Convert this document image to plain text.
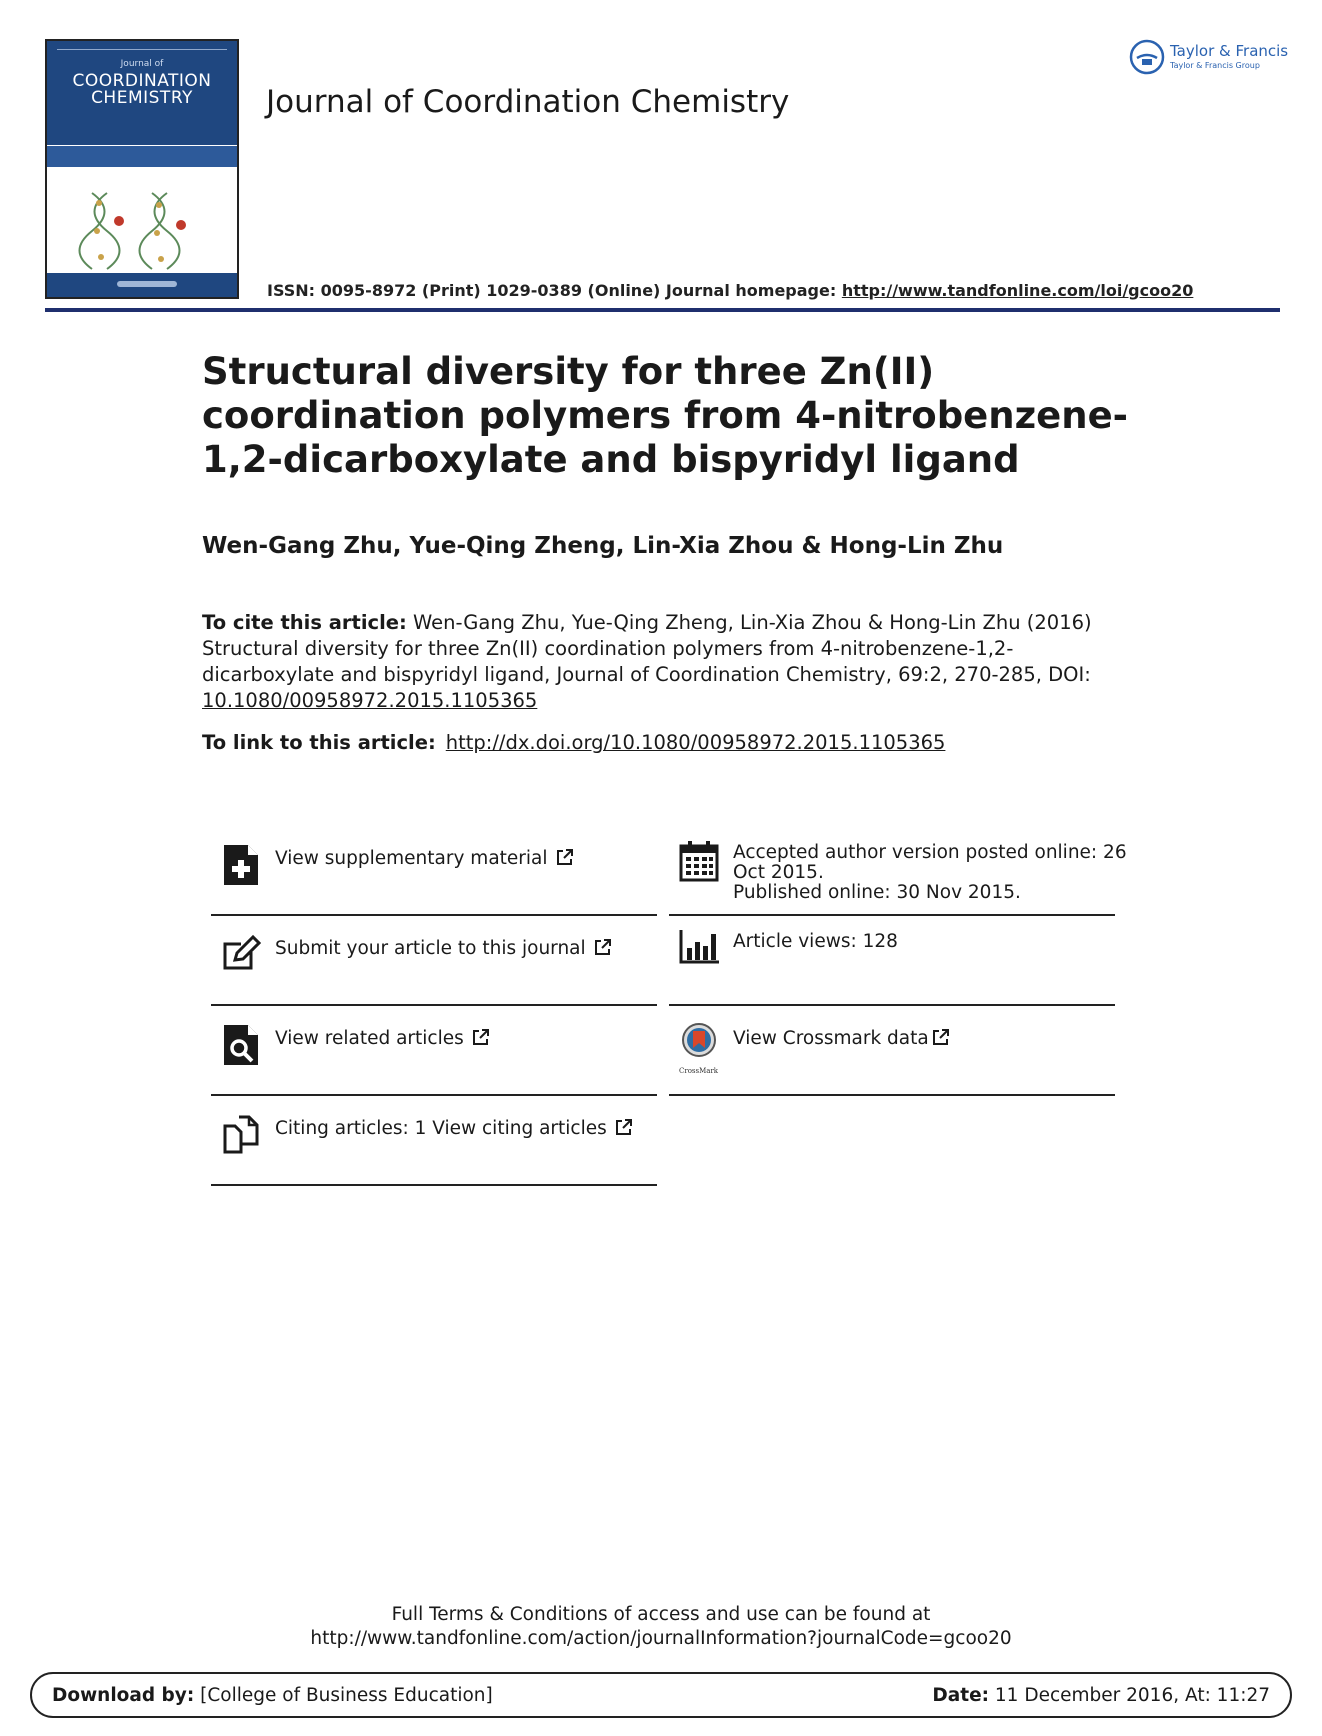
Journal of
COORDINATION
CHEMISTRY	Journal of Coordination Chemistry
Taylor & Francis
Taylor & Francis Group
ISSN: 0095-8972 (Print) 1029-0389 (Online) Journal homepage: http://www.tandfonline.com/loi/gcoo20
Structural diversity for three Zn(II) coordination polymers from 4-nitrobenzene-1,2-dicarboxylate and bispyridyl ligand
Wen-Gang Zhu, Yue-Qing Zheng, Lin-Xia Zhou & Hong-Lin Zhu
To cite this article: Wen-Gang Zhu, Yue-Qing Zheng, Lin-Xia Zhou & Hong-Lin Zhu (2016) Structural diversity for three Zn(II) coordination polymers from 4-nitrobenzene-1,2-dicarboxylate and bispyridyl ligand, Journal of Coordination Chemistry, 69:2, 270-285, DOI: 10.1080/00958972.2015.1105365
To link to this article: http://dx.doi.org/10.1080/00958972.2015.1105365
View supplementary material
Submit your article to this journal
View related articles
Citing articles: 1 View citing articles
Accepted author version posted online: 26
Oct 2015.
Published online: 30 Nov 2015.
Article views: 128
CrossMark
View Crossmark data
Full Terms & Conditions of access and use can be found at
http://www.tandfonline.com/action/journalInformation?journalCode=gcoo20
Download by: [College of Business Education]	Date: 11 December 2016, At: 11:27
